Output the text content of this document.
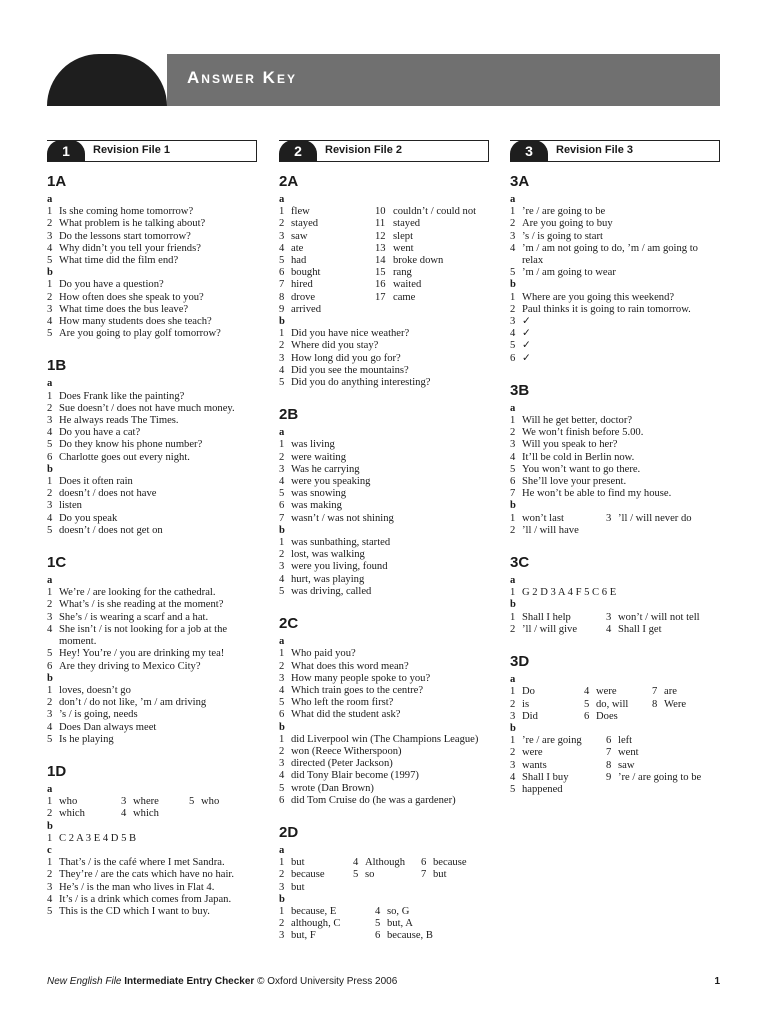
Answer Key
1	Revision File 1
1A
a
1 Is she coming home tomorrow?
2 What problem is he talking about?
3 Do the lessons start tomorrow?
4 Why didn’t you tell your friends?
5 What time did the film end?
b
1 Do you have a question?
2 How often does she speak to you?
3 What time does the bus leave?
4 How many students does she teach?
5 Are you going to play golf tomorrow?
1B
a
1 Does Frank like the painting?
2 Sue doesn’t / does not have much money.
3 He always reads The Times.
4 Do you have a cat?
5 Do they know his phone number?
6 Charlotte goes out every night.
b
1 Does it often rain
2 doesn’t / does not have
3 listen
4 Do you speak
5 doesn’t / does not get on
1C
a
1 We’re / are looking for the cathedral.
2 What’s / is she reading at the moment?
3 She’s / is wearing a scarf and a hat.
4 She isn’t / is not looking for a job at the moment.
5 Hey! You’re / you are drinking my tea!
6 Are they driving to Mexico City?
b
1 loves, doesn’t go
2 don’t / do not like, ’m / am driving
3 ’s / is going, needs
4 Does Dan always meet
5 Is he playing
1D
a
1 who	3 where	5 who
2 which	4 which
b
1 C 2 A 3 E 4 D 5 B
c
1 That’s / is the café where I met Sandra.
2 They’re / are the cats which have no hair.
3 He’s / is the man who lives in Flat 4.
4 It’s / is a drink which comes from Japan.
5 This is the CD which I want to buy.
2	Revision File 2
2A
a
1 flew	10 couldn’t / could not
2 stayed	11 stayed
3 saw	12 slept
4 ate	13 went
5 had	14 broke down
6 bought	15 rang
7 hired	16 waited
8 drove	17 came
9 arrived
b
1 Did you have nice weather?
2 Where did you stay?
3 How long did you go for?
4 Did you see the mountains?
5 Did you do anything interesting?
2B
a
1 was living
2 were waiting
3 Was he carrying
4 were you speaking
5 was snowing
6 was making
7 wasn’t / was not shining
b
1 was sunbathing, started
2 lost, was walking
3 were you living, found
4 hurt, was playing
5 was driving, called
2C
a
1 Who paid you?
2 What does this word mean?
3 How many people spoke to you?
4 Which train goes to the centre?
5 Who left the room first?
6 What did the student ask?
b
1 did Liverpool win (The Champions League)
2 won (Reece Witherspoon)
3 directed (Peter Jackson)
4 did Tony Blair become (1997)
5 wrote (Dan Brown)
6 did Tom Cruise do (he was a gardener)
2D
a
1 but	4 Although	6 because
2 because	5 so	7 but
3 but
b
1 because, E	4 so, G
2 although, C	5 but, A
3 but, F	6 because, B
3	Revision File 3
3A
a
1 ’re / are going to be
2 Are you going to buy
3 ’s / is going to start
4 ’m / am not going to do, ’m / am going to relax
5 ’m / am going to wear
b
1 Where are you going this weekend?
2 Paul thinks it is going to rain tomorrow.
3 ✓
4 ✓
5 ✓
6 ✓
3B
a
1 Will he get better, doctor?
2 We won’t finish before 5.00.
3 Will you speak to her?
4 It’ll be cold in Berlin now.
5 You won’t want to go there.
6 She’ll love your present.
7 He won’t be able to find my house.
b
1 won’t last	3 ’ll / will never do
2 ’ll / will have
3C
a
1 G 2 D 3 A 4 F 5 C 6 E
b
1 Shall I help	3 won’t / will not tell
2 ’ll / will give	4 Shall I get
3D
a
1 Do	4 were	7 are
2 is	5 do, will	8 Were
3 Did	6 Does
b
1 ’re / are going	6 left
2 were	7 went
3 wants	8 saw
4 Shall I buy	9 ’re / are going to be
5 happened
New English File Intermediate Entry Checker © Oxford University Press 2006	1
